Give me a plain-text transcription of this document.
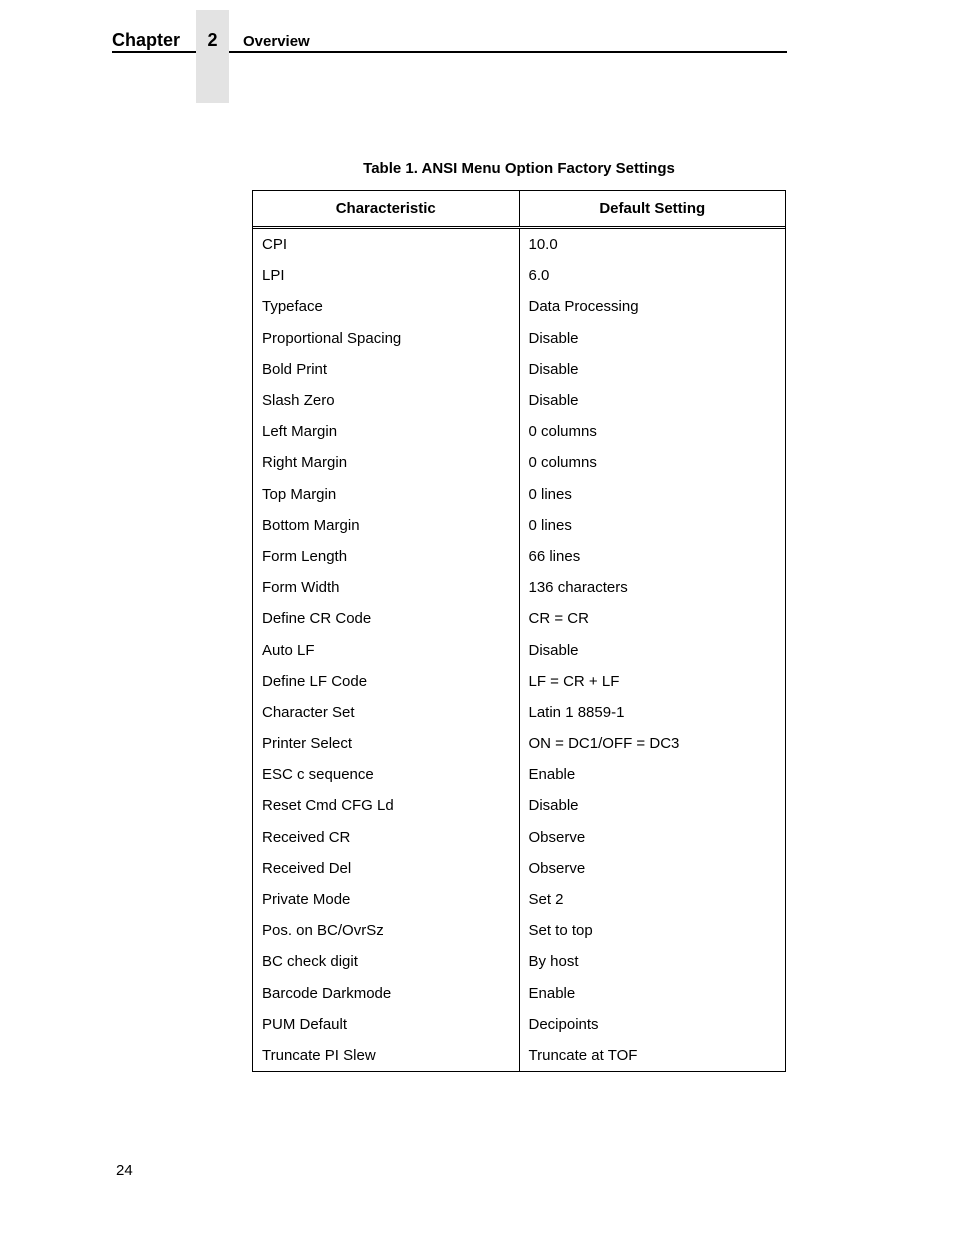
Chapter	2	Overview
Table 1. ANSI Menu Option Factory Settings
Characteristic	Default Setting
CPI	10.0
LPI	6.0
Typeface	Data Processing
Proportional Spacing	Disable
Bold Print	Disable
Slash Zero	Disable
Left Margin	0 columns
Right Margin	0 columns
Top Margin	0 lines
Bottom Margin	0 lines
Form Length	66 lines
Form Width	136 characters
Define CR Code	CR = CR
Auto LF	Disable
Define LF Code	LF = CR + LF
Character Set	Latin 1 8859-1
Printer Select	ON = DC1/OFF = DC3
ESC c sequence	Enable
Reset Cmd CFG Ld	Disable
Received CR	Observe
Received Del	Observe
Private Mode	Set 2
Pos. on BC/OvrSz	Set to top
BC check digit	By host
Barcode Darkmode	Enable
PUM Default	Decipoints
Truncate PI Slew	Truncate at TOF
24
